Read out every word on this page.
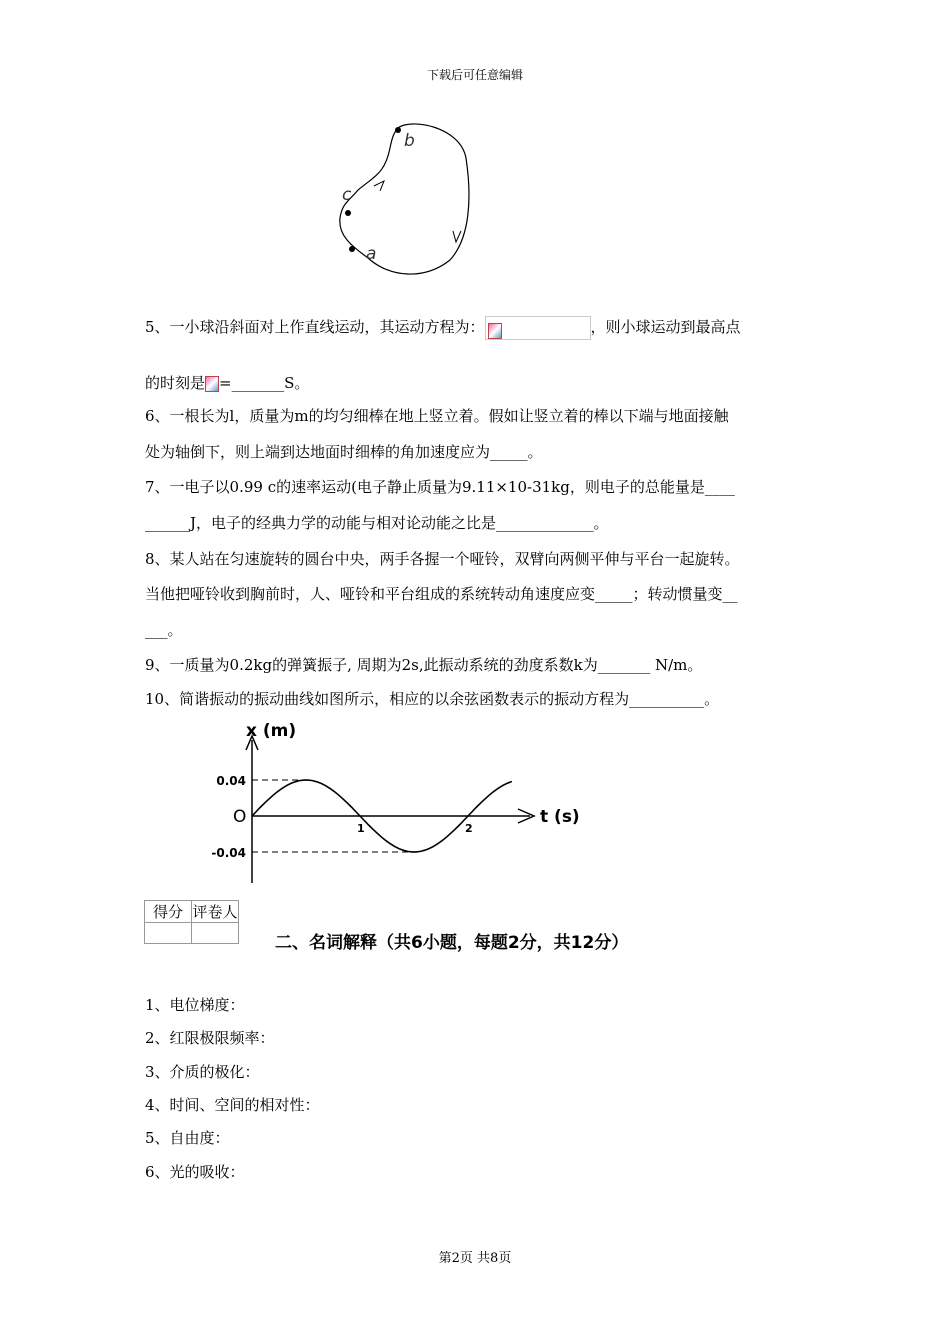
下载后可任意编辑
b
c
a
5、一小球沿斜面对上作直线运动，其运动方程为：	，则小球运动到最高点
的时刻是 =_______S。
6、一根长为l，质量为m的均匀细棒在地上竖立着。假如让竖立着的棒以下端与地面接触
处为轴倒下，则上端到达地面时细棒的角加速度应为_____。
7、一电子以0.99 c的速率运动(电子静止质量为9.11×10-31kg，则电子的总能量是____
______J，电子的经典力学的动能与相对论动能之比是_____________。
8、某人站在匀速旋转的圆台中央，两手各握一个哑铃，双臂向两侧平伸与平台一起旋转。
当他把哑铃收到胸前时，人、哑铃和平台组成的系统转动角速度应变_____；转动惯量变__
___。
9、一质量为0.2kg的弹簧振子, 周期为2s,此振动系统的劲度系数k为_______ N/m。
10、简谐振动的振动曲线如图所示，相应的以余弦函数表示的振动方程为__________。
x (m)
t (s)
O
0.04
-0.04
1	2
得分	评卷人

二、名词解释（共6小题，每题2分，共12分）
1、电位梯度：
2、红限极限频率：
3、介质的极化：
4、时间、空间的相对性：
5、自由度：
6、光的吸收：
第2页 共8页
